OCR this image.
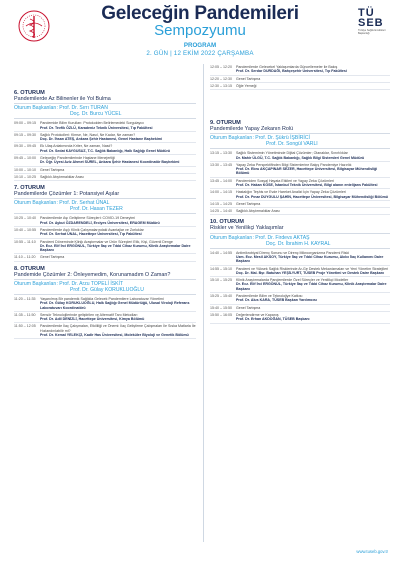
TÜ
SEB
Türkiye Sağlık Enstitüleri Başkanlığı
Geleceğin Pandemileri
Sempozyumu
PROGRAM
2. GÜN | 12 EKİM 2022 ÇARŞAMBA
6. OTURUM
Pandemilerde Az Bilinenler ile Yol Bulma
Oturum Başkanları: Prof. Dr. Sırrı TURAN
Doç. Dr. Burcu YÜCEL
09:00 – 09:15	Pandemide Bilim Kurulları: Protokolden Belirlemedeki Sorgulayıcı
Prof. Dr. Tevfik ÖZLÜ, Karadeniz Teknik Üniversitesi, Tıp Fakültesi
09:15 – 09:30	Sağlık Protokolleri: Kimse, Ne, Nasıl, Ne Kadar, Ne zaman?
Doç. Dr. İhsan ATEŞ, Ankara Şehir Hastanesi, Genel Hastane Başhekimi
09:30 – 09:45	Ek Ulaş Anlatımında Kriter, Ne zaman, Nasıl?
Prof. Dr. Sedat KAYGUSUZ, T.C. Sağlık Bakanlığı, Halk Sağlığı Genel Müdürü
09:45 – 10:00	Geleceğin Pandemilerinde Hastane Menejerliği
Dr. Öğr. Üyesi Aziz Ahmet SÜREL, Ankara Şehir Hastanesi Koordinatör Başhekimi
10:00 – 10:10	Genel Tartışma
10:10 – 10:25	Sağlıklı Atıştırmalıklar Arası
7. OTURUM
Pandemilerde Çözümler 1: Potansiyel Aşılar
Oturum Başkanları: Prof. Dr. Serhat ÜNAL
Prof. Dr. Hasan TEZER
10:25 – 10:40	Pandemilerde Aşı Geliştirme Süreçleri: COVID-19 Deneyimi
Prof. Dr. Aykut ÖZDARENDELİ, Erciyes Üniversitesi, ERAGEM Müdürü
10:40 – 10:55	Pandemilerde Aşılı Klinik Çalışmalarındaki Avantajlar ve Zorluklar
Prof. Dr. Serhat ÜNAL, Hacettepe Üniversitesi, Tıp Fakültesi
10:55 – 11:10	Pandemi Döneminde Klinik Araştırmalar ve Ürün Süreçleri Etik, Kişi, Güvenli Denge
Dr. Ecz. Elif İrci ERGÖNÜL, Türkiye İlaç ve Tıbbi Cihaz Kurumu, Klinik Araştırmalar Daire Başkanı
11:10 – 11:20	Genel Tartışma
8. OTURUM
Pandemide Çözümler 2: Önleyemedim, Korunamadım O Zaman?
Oturum Başkanları: Prof. Dr. Arzu TOPELİ İSKİT
Prof. Dr. Gülay KORUKLUOĞLU
11:20 – 11:35	Yaşanılmış Bir pandemik Sağlıkla Gelecek Pandemilere Laboratuvar Yönetimi
Prof. Dr. Gülay KORUKLUOĞLU, Halk Sağlığı Genel Müdürlüğü, Ulusal Viroloji Referans Laboratuvarı Koordinatörü
11:35 – 11:50	Sensör Teknolojilerinde geliştirilen ve Alternatif Tanı Metodları
Prof. Dr. Adil DENİZLİ, Hacettepe Üniversitesi, Kimya Bölümü
11:50 – 12:05	Pandemilerde İlaç Çalışmaları, Etkililiği ve Önemi: İlaç Geliştirme Çalışmaları İle Sıska Matlarla İle Hızlandırılabilir mi?
Prof. Dr. Kemal YELEKÇİ, Kadir Has Üniversitesi, Moleküler Biyoloji ve Genetik Bölümü
12:05 – 12:20	Pandemilerde Gelecekel Yaklaşımlarda Güncellemeler ile Bakış
Prof. Dr. Serdar DURDAĞI, Bahçeşehir Üniversitesi, Tıp Fakültesi
12:20 – 12:30	Genel Tartışma
12:30 – 13:15	Öğle Yemeği
9. OTURUM
Pandemilerde Yapay Zekanın Rolü
Oturum Başkanları: Prof. Dr. Şükrü İŞBİRİCİ
Prof. Dr. Songül VARLI
13:15 – 13:30	Sağlık Sistemimin Yönetiminde Dijital Çözümler; Olanaklar, Sınırlılıklar
Dr. Mahir ÜLGÜ, T.C. Sağlık Bakanlığı, Sağlık Bilgi Sistemleri Genel Müdürü
13:30 – 13:45	Yapay Zeka Perspektifinden Bilgi Sistemlerine Bakış Pandemiye Hazırlık
Prof. Dr. Ebru AKÇAPINAR SEZER, Hacettepe Üniversitesi, Bilgisayar Mühendisliği Bölümü
13:45 – 14:00	Pandemiden Sosyal Hayata Etkileri ve Yapay Zeka Çözümleri
Prof. Dr. Hakan KÖSE, İstanbul Teknik Üniversitesi, Bilgi alanın entelijans Fakültesi
14:00 – 14:15	Hastalığın Teşhis ve Evde Hareket Analizi İçin Yapay Zeka Çözümleri
Prof. Dr. Pınar DUYGULU ŞAHİN, Hacettepe Üniversitesi, Bilgisayar Mühendisliği Bölümü
14:15 – 14:25	Genel Tartışma
14:25 – 14:40	Sağlıklı Atıştırmalıklar Arası
10. OTURUM
Riskler ve Yenilikçi Yaklaşımlar
Oturum Başkanları: Prof. Dr. Firdevs AKTAŞ
Doç. Dr. İbrahim H. KAYRAL
14:40 – 14:55	Antimikrobiyal Direnç Sorunu ve Direnç Mikroorganizma Pandemi Riski
Uzm. Ecz. Mesil AKSOY, Türkiye İlaç ve Tıbbi Cihaz Kurumu, Akılcı İlaç Kullanımı Daire Başkanı
14:55 – 15:10	Pandemi ve Yüksek Sağlık Risklerinde Ar-Ge Destek Mekanizmaları ve Yeni Yönetim Stratejileri
Doç. Dr. Mal. Bşr. Batuhan YEŞİLYURT, TÜSEB Proje Yönetimi ve Destek Daire Başkanı
15:10 – 15:25	Klinik Araştırmalarda Pandemilerde Özel Süreçler ve Yenilikçi Modeller
Dr. Ecz. Elif İrci ERGÖNÜL, Türkiye İlaç ve Tıbbi Cihaz Kurumu, Klinik Araştırmalar Daire Başkanı
15:25 – 15:40	Pandemilerde Bilim ve Teknolojiye Katkısı
Prof. Dr. Alus KARA, TÜSEB Başkan Yardımcısı
15:40 – 15:50	Genel Tartışma
15:50 – 16:05	Değerlendirme ve Kapanış
Prof. Dr. Erhan AKDOĞAN, TÜSEB Başkanı
www.tuseb.gov.tr
